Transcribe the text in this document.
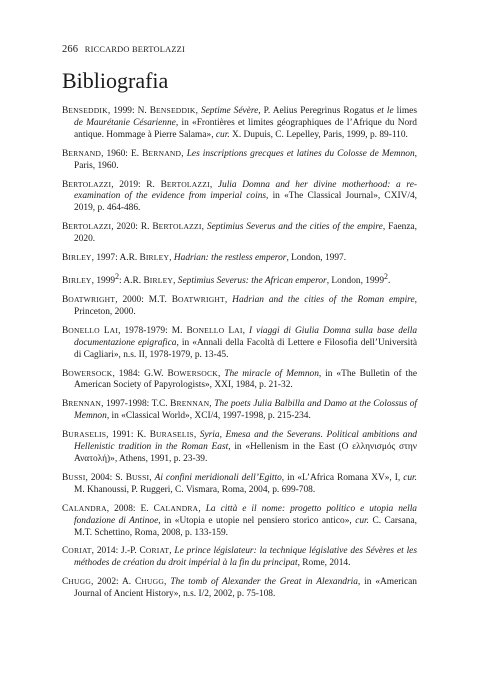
266 RICCARDO BERTOLAZZI
Bibliografia
BENSEDDIK, 1999: N. BENSEDDIK, Septime Sévère, P. Aelius Peregrinus Rogatus et le limes de Maurétanie Césarienne, in «Frontières et limites géographiques de l’Afrique du Nord antique. Hommage à Pierre Salama», cur. X. Dupuis, C. Lepelley, Paris, 1999, p. 89-110.
BERNAND, 1960: E. BERNAND, Les inscriptions grecques et latines du Colosse de Memnon, Paris, 1960.
BERTOLAZZI, 2019: R. BERTOLAZZI, Julia Domna and her divine motherhood: a re-examination of the evidence from imperial coins, in «The Classical Journal», CXIV/4, 2019, p. 464-486.
BERTOLAZZI, 2020: R. BERTOLAZZI, Septimius Severus and the cities of the empire, Faenza, 2020.
BIRLEY, 1997: A.R. BIRLEY, Hadrian: the restless emperor, London, 1997.
BIRLEY, 1999$^2$: A.R. BIRLEY, Septimius Severus: the African emperor, London, 1999$^2$.
BOATWRIGHT, 2000: M.T. BOATWRIGHT, Hadrian and the cities of the Roman empire, Princeton, 2000.
BONELLO LAI, 1978-1979: M. BONELLO LAI, I viaggi di Giulia Domna sulla base della documentazione epigrafica, in «Annali della Facoltà di Lettere e Filosofia dell’Università di Cagliari», n.s. II, 1978-1979, p. 13-45.
BOWERSOCK, 1984: G.W. BOWERSOCK, The miracle of Memnon, in «The Bulletin of the American Society of Papyrologists», XXI, 1984, p. 21-32.
BRENNAN, 1997-1998: T.C. BRENNAN, The poets Julia Balbilla and Damo at the Colossus of Memnon, in «Classical World», XCI/4, 1997-1998, p. 215-234.
BURASELIS, 1991: K. BURASELIS, Syria, Emesa and the Severans. Political ambitions and Hellenistic tradition in the Roman East, in «Hellenism in the East (O ελληνισμός στην Ανατολή)», Athens, 1991, p. 23-39.
BUSSI, 2004: S. BUSSI, Ai confini meridionali dell’Egitto, in «L’Africa Romana XV», I, cur. M. Khanoussi, P. Ruggeri, C. Vismara, Roma, 2004, p. 699-708.
CALANDRA, 2008: E. CALANDRA, La città e il nome: progetto politico e utopia nella fondazione di Antinoe, in «Utopia e utopie nel pensiero storico antico», cur. C. Carsana, M.T. Schettino, Roma, 2008, p. 133-159.
CORIAT, 2014: J.-P. CORIAT, Le prince législateur: la technique législative des Sévères et les méthodes de création du droit impérial à la fin du principat, Rome, 2014.
CHUGG, 2002: A. CHUGG, The tomb of Alexander the Great in Alexandria, in «American Journal of Ancient History», n.s. I/2, 2002, p. 75-108.
